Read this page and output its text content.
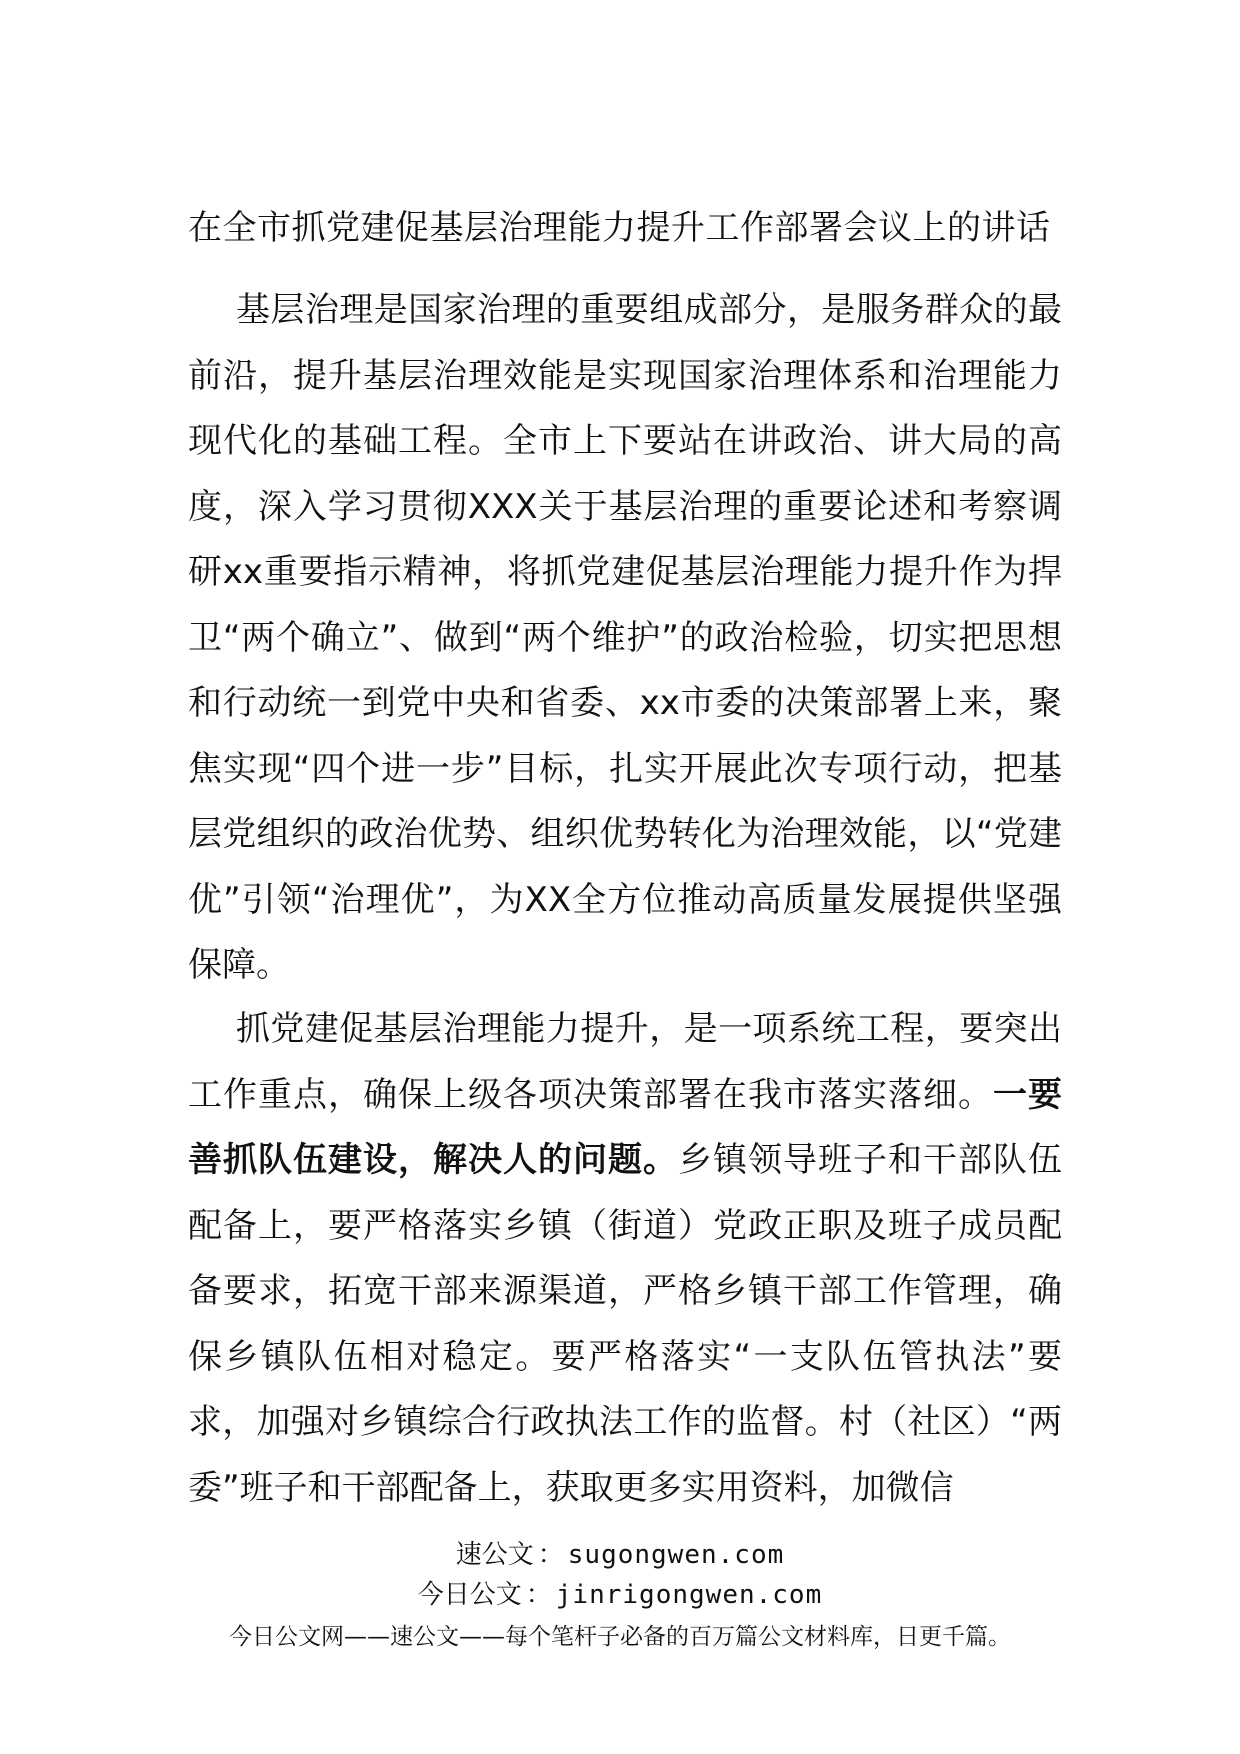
在全市抓党建促基层治理能力提升工作部署会议上的讲话

基层治理是国家治理的重要组成部分，是服务群众的最前沿，提升基层治理效能是实现国家治理体系和治理能力现代化的基础工程。全市上下要站在讲政治、讲大局的高度，深入学习贯彻XXX关于基层治理的重要论述和考察调研xx重要指示精神，将抓党建促基层治理能力提升作为捍卫“两个确立”、做到“两个维护”的政治检验，切实把思想和行动统一到党中央和省委、xx市委的决策部署上来，聚焦实现“四个进一步”目标，扎实开展此次专项行动，把基层党组织的政治优势、组织优势转化为治理效能，以“党建优”引领“治理优”，为XX全方位推动高质量发展提供坚强保障。

抓党建促基层治理能力提升，是一项系统工程，要突出工作重点，确保上级各项决策部署在我市落实落细。一要善抓队伍建设，解决人的问题。乡镇领导班子和干部队伍配备上，要严格落实乡镇（街道）党政正职及班子成员配备要求，拓宽干部来源渠道，严格乡镇干部工作管理，确保乡镇队伍相对稳定。要严格落实“一支队伍管执法”要求，加强对乡镇综合行政执法工作的监督。村（社区）“两委”班子和干部配备上，获取更多实用资料，加微信

速公文 ： sugongwen.com

今日公文 ： jinrigongwen.com

今日公文网——速公文——每个笔杆子必备的百万篇公文材料库，日更千篇。
